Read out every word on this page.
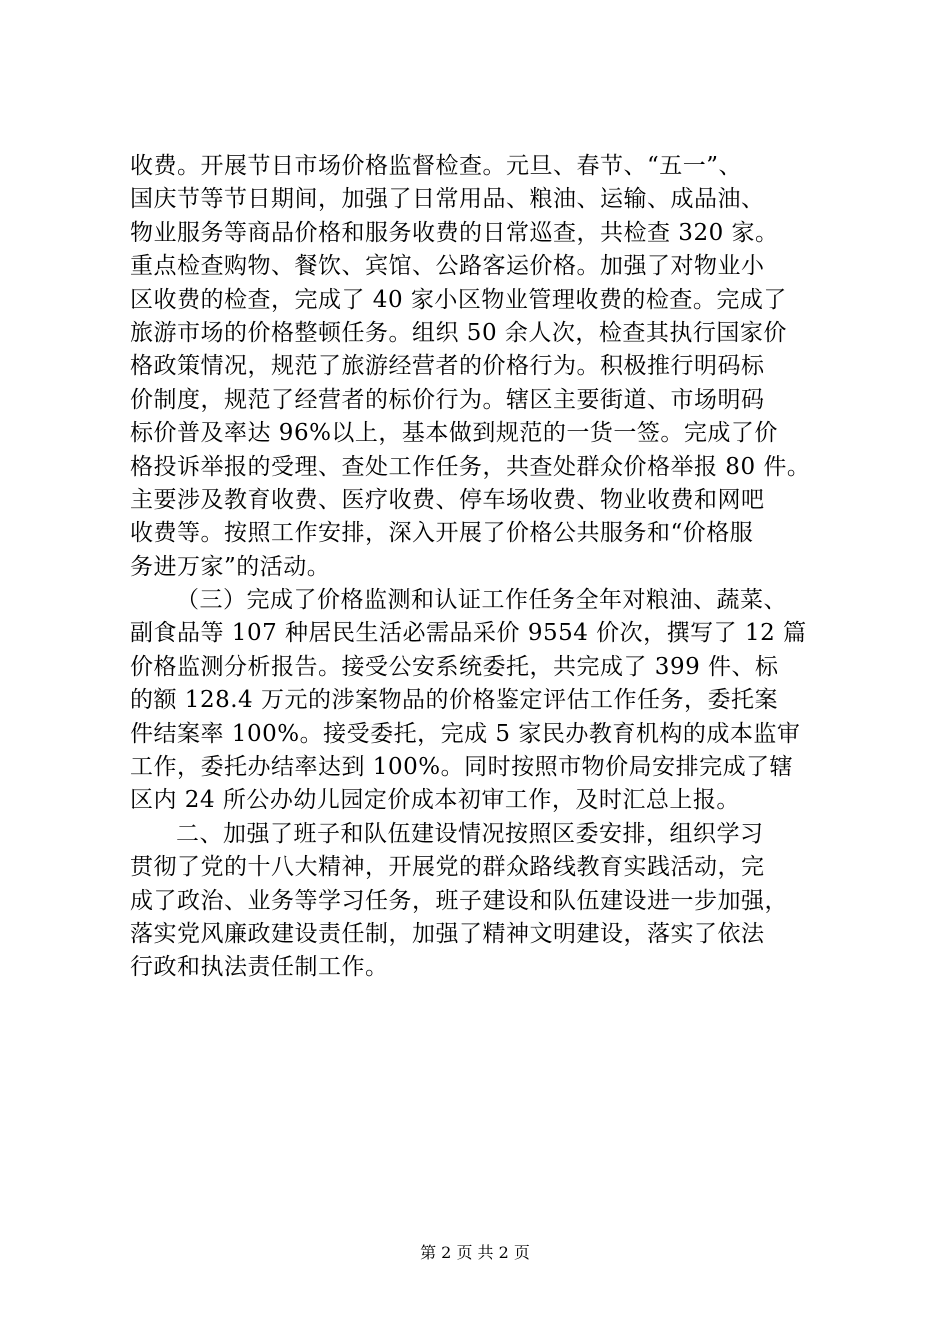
收费。开展节日市场价格监督检查。元旦、春节、“五一”、
国庆节等节日期间，加强了日常用品、粮油、运输、成品油、
物业服务等商品价格和服务收费的日常巡查，共检查 320 家。
重点检查购物、餐饮、宾馆、公路客运价格。加强了对物业小
区收费的检查，完成了 40 家小区物业管理收费的检查。完成了
旅游市场的价格整顿任务。组织 50 余人次，检查其执行国家价
格政策情况，规范了旅游经营者的价格行为。积极推行明码标
价制度，规范了经营者的标价行为。辖区主要街道、市场明码
标价普及率达 96%以上，基本做到规范的一货一签。完成了价
格投诉举报的受理、查处工作任务，共查处群众价格举报 80 件。
主要涉及教育收费、医疗收费、停车场收费、物业收费和网吧
收费等。按照工作安排，深入开展了价格公共服务和“价格服
务进万家”的活动。
（三）完成了价格监测和认证工作任务全年对粮油、蔬菜、
副食品等 107 种居民生活必需品采价 9554 价次，撰写了 12 篇
价格监测分析报告。接受公安系统委托，共完成了 399 件、标
的额 128.4 万元的涉案物品的价格鉴定评估工作任务，委托案
件结案率 100%。接受委托，完成 5 家民办教育机构的成本监审
工作，委托办结率达到 100%。同时按照市物价局安排完成了辖
区内 24 所公办幼儿园定价成本初审工作，及时汇总上报。
二、加强了班子和队伍建设情况按照区委安排，组织学习
贯彻了党的十八大精神，开展党的群众路线教育实践活动，完
成了政治、业务等学习任务，班子建设和队伍建设进一步加强，
落实党风廉政建设责任制，加强了精神文明建设，落实了依法
行政和执法责任制工作。
第 2 页 共 2 页
